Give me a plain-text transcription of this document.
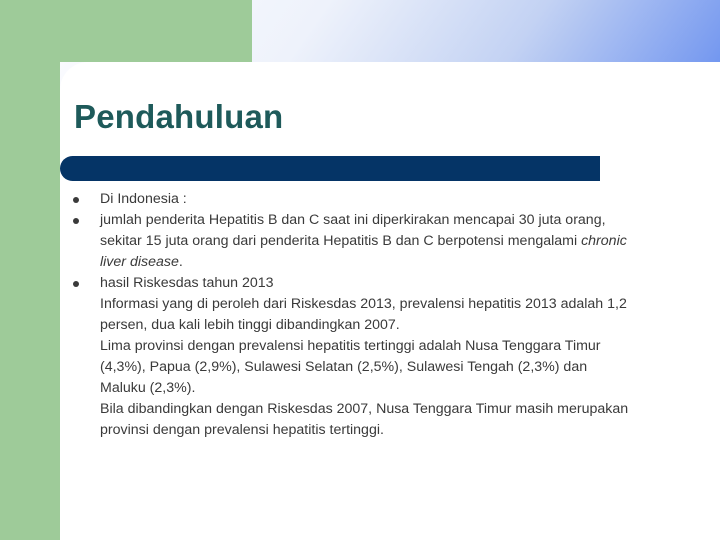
Pendahuluan
Di Indonesia :
jumlah penderita Hepatitis B dan C saat ini diperkirakan mencapai 30 juta orang, sekitar 15 juta orang dari penderita Hepatitis B dan C berpotensi mengalami chronic liver disease.
hasil Riskesdas tahun 2013
Informasi yang di peroleh dari Riskesdas 2013, prevalensi hepatitis 2013 adalah 1,2 persen, dua kali lebih tinggi dibandingkan 2007.
Lima provinsi dengan prevalensi hepatitis tertinggi adalah Nusa Tenggara Timur (4,3%), Papua (2,9%), Sulawesi Selatan (2,5%), Sulawesi Tengah (2,3%) dan Maluku (2,3%).
Bila dibandingkan dengan Riskesdas 2007, Nusa Tenggara Timur masih merupakan provinsi dengan prevalensi hepatitis tertinggi.
